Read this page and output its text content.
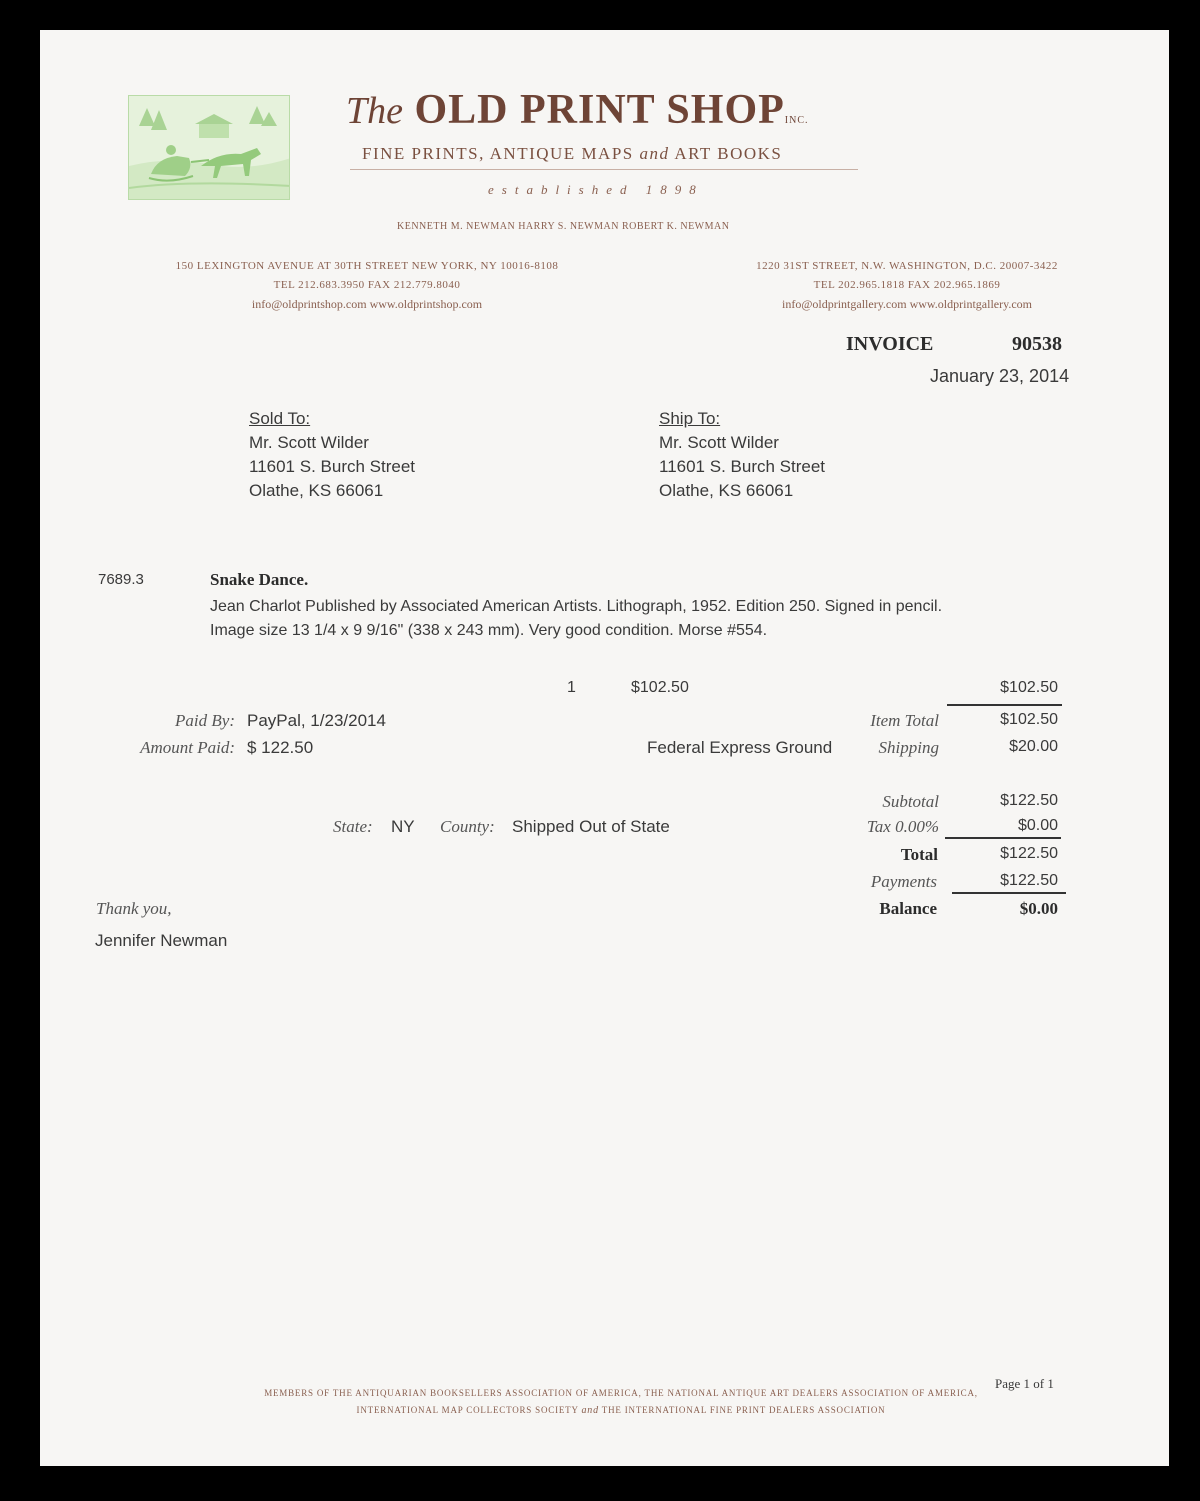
The OLD PRINT SHOPINC.
FINE PRINTS, ANTIQUE MAPS and ART BOOKS
established 1898
KENNETH M. NEWMAN HARRY S. NEWMAN ROBERT K. NEWMAN
150 LEXINGTON AVENUE AT 30TH STREET NEW YORK, NY 10016-8108
TEL 212.683.3950 FAX 212.779.8040
info@oldprintshop.com www.oldprintshop.com
1220 31ST STREET, N.W. WASHINGTON, D.C. 20007-3422
TEL 202.965.1818 FAX 202.965.1869
info@oldprintgallery.com www.oldprintgallery.com
INVOICE	90538
January 23, 2014
Sold To:
Mr. Scott Wilder
11601 S. Burch Street
Olathe, KS 66061
Ship To:
Mr. Scott Wilder
11601 S. Burch Street
Olathe, KS 66061
7689.3	Snake Dance.
Jean Charlot Published by Associated American Artists. Lithograph, 1952. Edition 250. Signed in pencil. Image size 13 1/4 x 9 9/16" (338 x 243 mm). Very good condition. Morse #554.
1	$102.50	$102.50
Paid By: PayPal, 1/23/2014
Amount Paid: $ 122.50
Item Total	$102.50
Federal Express Ground	Shipping	$20.00
Subtotal	$122.50
State: NY County: Shipped Out of State	Tax 0.00%	$0.00
Total	$122.50
Payments	$122.50
Balance	$0.00
Thank you,
Jennifer Newman
Page 1 of 1
MEMBERS OF THE ANTIQUARIAN BOOKSELLERS ASSOCIATION OF AMERICA, THE NATIONAL ANTIQUE ART DEALERS ASSOCIATION OF AMERICA,
INTERNATIONAL MAP COLLECTORS SOCIETY and THE INTERNATIONAL FINE PRINT DEALERS ASSOCIATION
